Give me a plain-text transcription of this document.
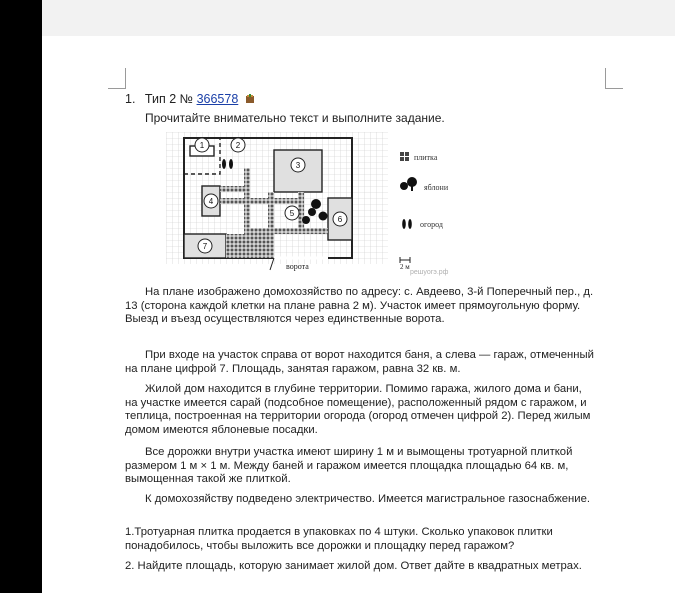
1. Тип 2 № 366578
Прочитайте внимательно текст и выполните задание.
1	2
3
4
5
6
7
ворота
плитка
яблони
огород
2 м
решуогэ.рф

На плане изображено домохозяйство по адресу: с. Авдеево, 3-й Поперечный пер., д. 13 (сторона каждой клетки на плане равна 2 м). Участок имеет прямоугольную форму. Выезд и въезд осуществляются через единственные ворота.

При входе на участок справа от ворот находится баня, а слева — гараж, отмеченный на плане цифрой 7. Площадь, занятая гаражом, равна 32 кв. м.

Жилой дом находится в глубине территории. Помимо гаража, жилого дома и бани, на участке имеется сарай (подсобное помещение), расположенный рядом с гаражом, и теплица, построенная на территории огорода (огород отмечен цифрой 2). Перед жилым домом имеются яблоневые посадки.

Все дорожки внутри участка имеют ширину 1 м и вымощены тротуарной плиткой размером 1 м × 1 м. Между баней и гаражом имеется площадка площадью 64 кв. м, вымощенная такой же плиткой.

К домохозяйству подведено электричество. Имеется магистральное газоснабжение.

1.Тротуарная плитка продается в упаковках по 4 штуки. Сколько упаковок плитки понадобилось, чтобы выложить все дорожки и площадку перед гаражом?

2. Найдите площадь, которую занимает жилой дом. Ответ дайте в квадратных метрах.
